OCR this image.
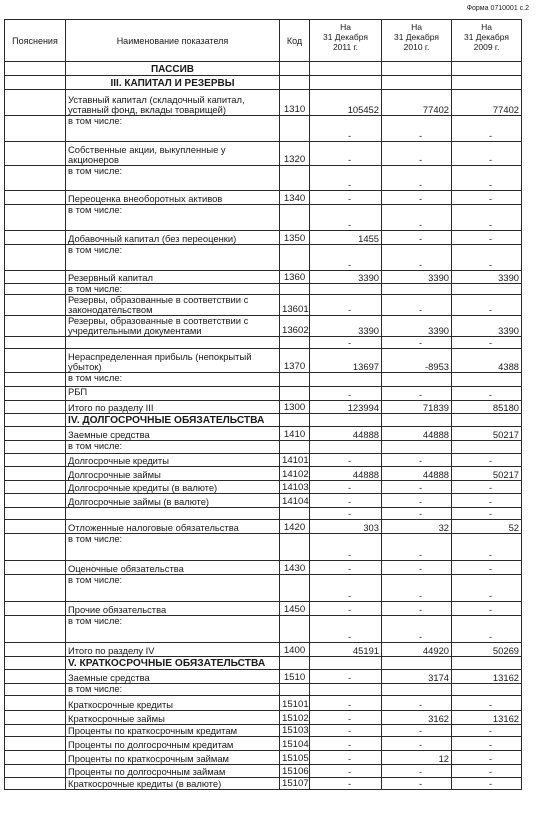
Форма 0710001 с.2
Пояснения	Наименование показателя	Код	На
31 Декабря
2011 г.	На
31 Декабря
2010 г.	На
31 Декабря
2009 г.

	ПАССИВ				
	III. КАПИТАЛ И РЕЗЕРВЫ				
	Уставный капитал (складочный капитал, уставный фонд, вклады товарищей)	1310	105452	77402	77402
	в том числе:		-	-	-

	Собственные акции, выкупленные у акционеров	1320	-	-	-

	в том числе:		-	-	-

	Переоценка внеоборотных активов	1340	-	-	-

	в том числе:		-	-	-

	Добавочный капитал (без переоценки)	1350	1455	-	-

	в том числе:		-	-	-

	Резервный капитал	1360	3390	3390	3390
	в том числе:				
	Резервы, образованные в соответствии с законодательством	13601	-	-	-

	Резервы, образованные в соответствии с учредительными документами	13602	3390	3390	3390

			-	-	-

	Нераспределенная прибыль (непокрытый убыток)	1370	13697	-8953	4388
	в том числе:				
	РБП		-	-	-

	Итого по разделу III	1300	123994	71839	85180
	IV. ДОЛГОСРОЧНЫЕ ОБЯЗАТЕЛЬСТВА				
	Заемные средства	1410	44888	44888	50217
	в том числе:				
	Долгосрочные кредиты	14101	-	-	-

	Долгосрочные займы	14102	44888	44888	50217
	Долгосрочные кредиты (в валюте)	14103	-	-	-

	Долгосрочные займы (в валюте)	14104	-	-	-

			-	-	-

	Отложенные налоговые обязательства	1420	303	32	52
	в том числе:		-	-	-

	Оценочные обязательства	1430	-	-	-

	в том числе:		-	-	-

	Прочие обязательства	1450	-	-	-

	в том числе:		-	-	-

	Итого по разделу IV	1400	45191	44920	50269
	V. КРАТКОСРОЧНЫЕ ОБЯЗАТЕЛЬСТВА				
	Заемные средства	1510	-	3174	13162
	в том числе:				
	Краткосрочные кредиты	15101	-	-	-

	Краткосрочные займы	15102	-	3162	13162
	Проценты по краткосрочным кредитам	15103	-	-	-

	Проценты по долгосрочным кредитам	15104	-	-	-

	Проценты по краткосрочным займам	15105	-	12	-

	Проценты по долгосрочным займам	15106	-	-	-

	Краткосрочные кредиты (в валюте)	15107	-	-	-
